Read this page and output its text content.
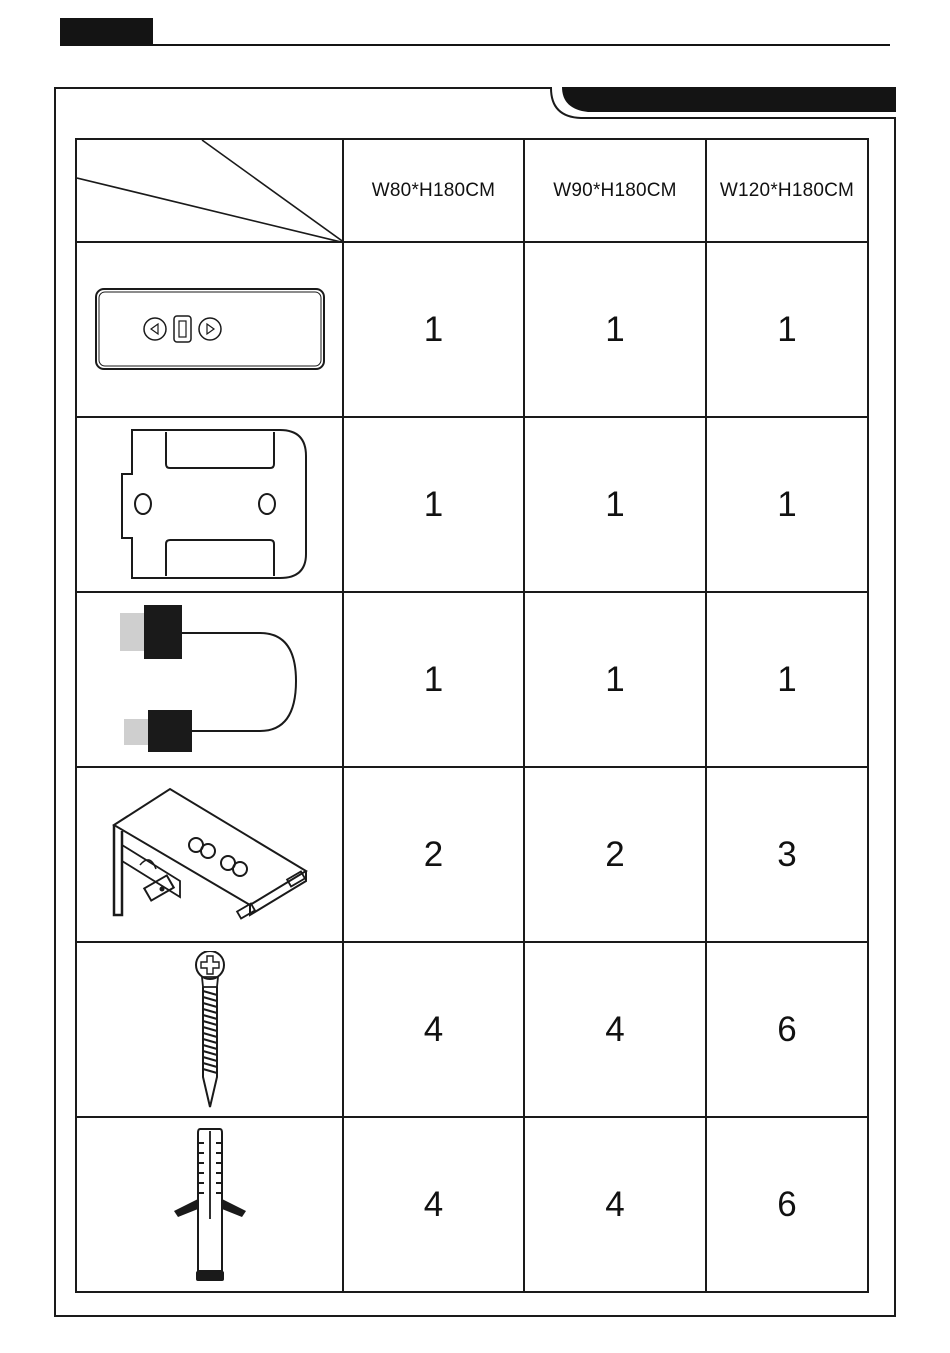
	W80*H180CM	W90*H180CM	W120*H180CM

	1	1	1

	1	1	1

	1	1	1

	2	2	3

	4	4	6

	4	4	6
